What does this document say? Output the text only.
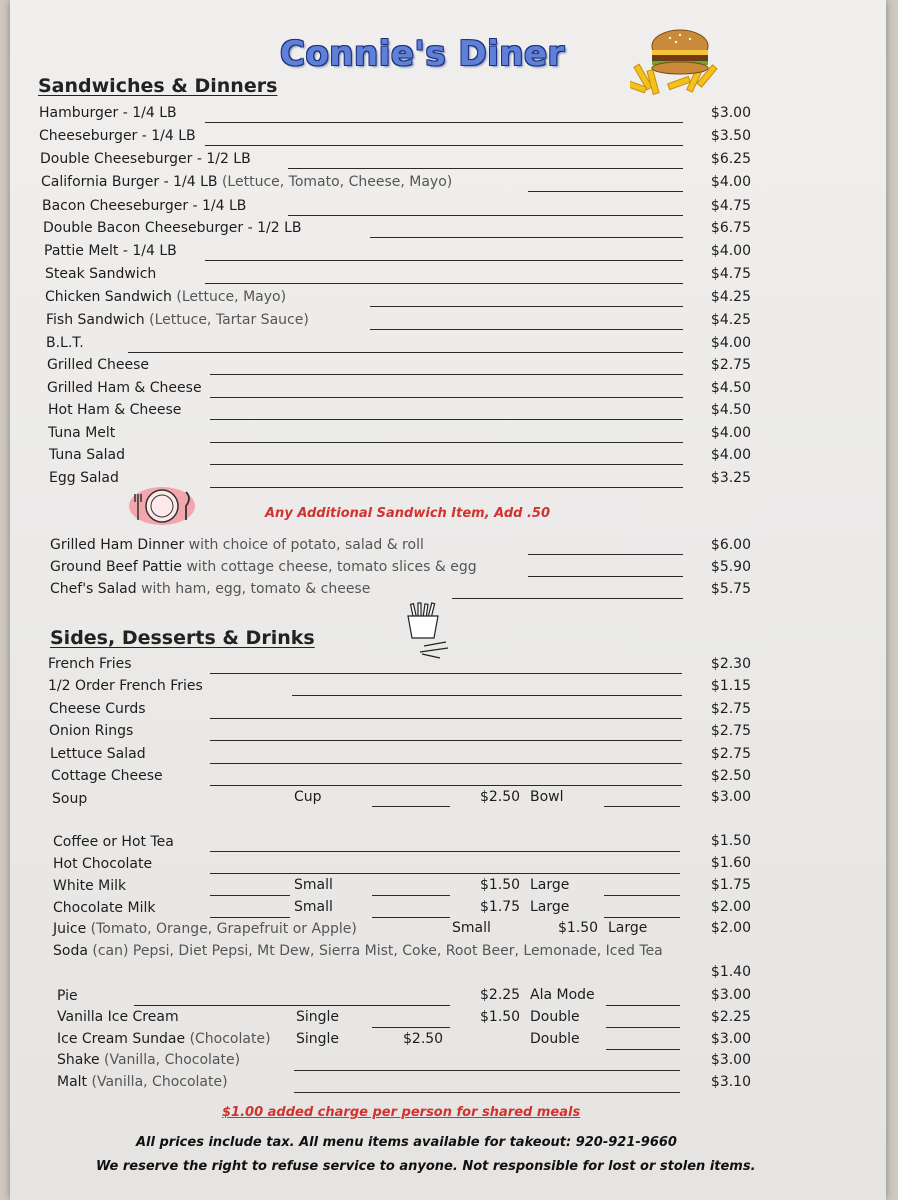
Connie's Diner
Sandwiches & Dinners
Any Additional Sandwich Item, Add .50
Sides, Desserts & Drinks
Soup	Cup	$2.50 Bowl	$3.00
Coffee or Hot Tea	$1.50
Hot Chocolate	$1.60
White Milk	Small	$1.50 Large	$1.75
Chocolate Milk	Small	$1.75 Large	$2.00
Juice (Tomato, Orange, Grapefruit or Apple)	Small	$1.50 Large	$2.00
Soda (can) Pepsi, Diet Pepsi, Mt Dew, Sierra Mist, Coke, Root Beer, Lemonade, Iced Tea
$1.40
Pie	$2.25 Ala Mode	$3.00
Vanilla Ice Cream	Single	$1.50 Double	$2.25
Ice Cream Sundae (Chocolate) Single	$2.50	Double	$3.00
Shake (Vanilla, Chocolate)	$3.00
Malt (Vanilla, Chocolate)	$3.10
$1.00 added charge per person for shared meals
All prices include tax. All menu items available for takeout: 920-921-9660
We reserve the right to refuse service to anyone. Not responsible for lost or stolen items.
Hamburger - 1/4 LB	$3.00
Cheeseburger - 1/4 LB	$3.50
Double Cheeseburger - 1/2 LB	$6.25
California Burger - 1/4 LB (Lettuce, Tomato, Cheese, Mayo)	$4.00
Bacon Cheeseburger - 1/4 LB	$4.75
Double Bacon Cheeseburger - 1/2 LB	$6.75
Pattie Melt - 1/4 LB	$4.00
Steak Sandwich	$4.75
Chicken Sandwich (Lettuce, Mayo)	$4.25
Fish Sandwich (Lettuce, Tartar Sauce)	$4.25
B.L.T.	$4.00
Grilled Cheese	$2.75
Grilled Ham & Cheese	$4.50
Hot Ham & Cheese	$4.50
Tuna Melt	$4.00
Tuna Salad	$4.00
Egg Salad	$3.25
Grilled Ham Dinner with choice of potato, salad & roll	$6.00
Ground Beef Pattie with cottage cheese, tomato slices & egg	$5.90
Chef's Salad with ham, egg, tomato & cheese	$5.75
French Fries	$2.30
1/2 Order French Fries	$1.15
Cheese Curds	$2.75
Onion Rings	$2.75
Lettuce Salad	$2.75
Cottage Cheese	$2.50
